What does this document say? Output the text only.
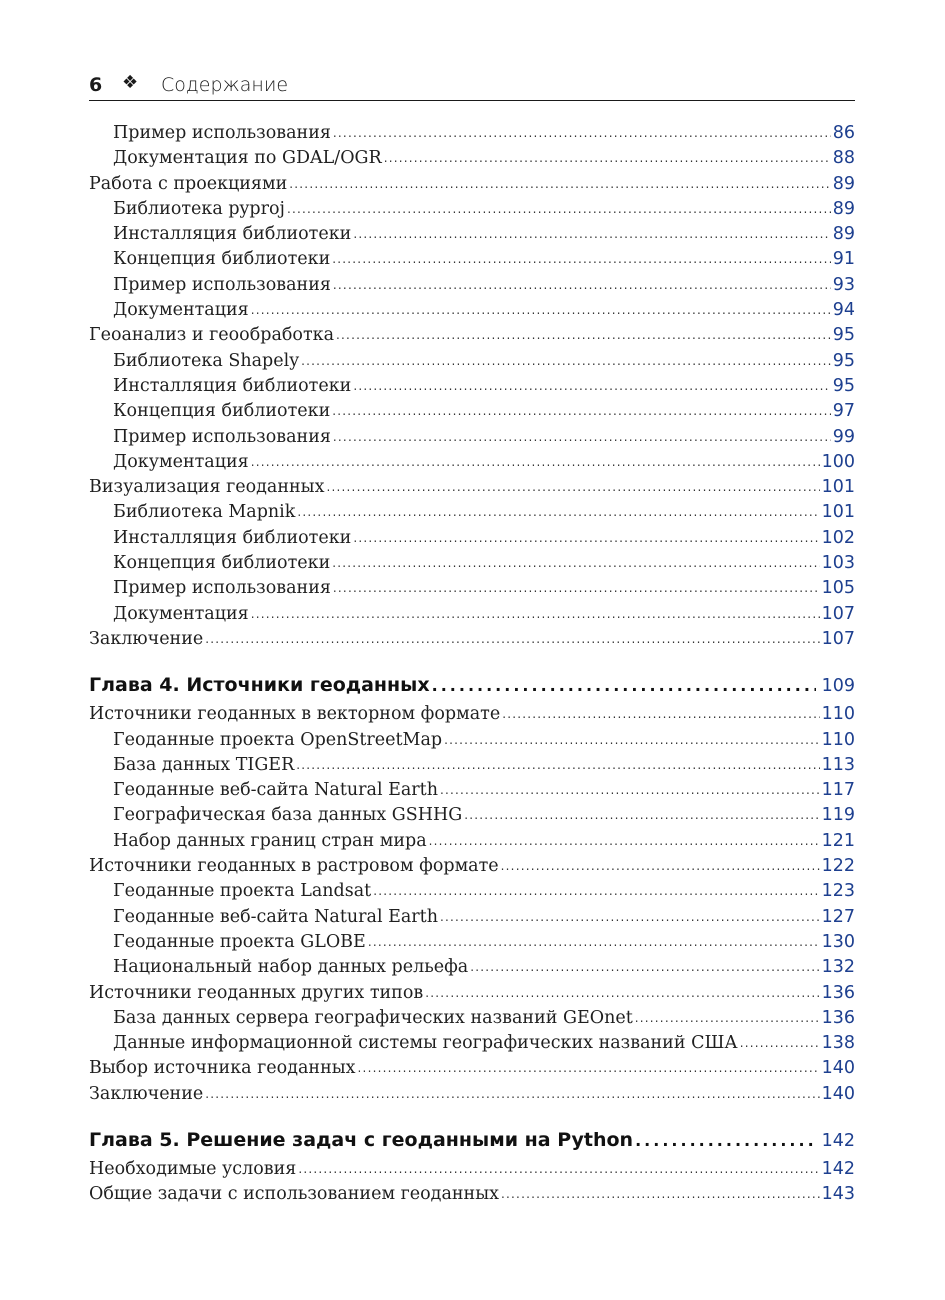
6 ❖ Содержание
Пример использования .....	86
Документация по GDAL/OGR .....	88
Работа с проекциями .....	89
Библиотека pyproj .....	89
Инсталляция библиотеки .....	89
Концепция библиотеки .....	91
Пример использования .....	93
Документация .....	94
Геоанализ и геообработка .....	95
Библиотека Shapely .....	95
Инсталляция библиотеки .....	95
Концепция библиотеки .....	97
Пример использования .....	99
Документация .....	100
Визуализация геоданных .....	101
Библиотека Mapnik .....	101
Инсталляция библиотеки .....	102
Концепция библиотеки .....	103
Пример использования .....	105
Документация .....	107
Заключение .....	107
Глава 4. Источники геоданных .....	109
Источники геоданных в векторном формате .....	110
Геоданные проекта OpenStreetMap .....	110
База данных TIGER .....	113
Геоданные веб-сайта Natural Earth .....	117
Географическая база данных GSHHG .....	119
Набор данных границ стран мира .....	121
Источники геоданных в растровом формате .....	122
Геоданные проекта Landsat .....	123
Геоданные веб-сайта Natural Earth .....	127
Геоданные проекта GLOBE .....	130
Национальный набор данных рельефа .....	132
Источники геоданных других типов .....	136
База данных сервера географических названий GEOnet .....	136
Данные информационной системы географических названий США .....	138
Выбор источника геоданных .....	140
Заключение .....	140
Глава 5. Решение задач с геоданными на Python .....	142
Необходимые условия .....	142
Общие задачи с использованием геоданных .....	143
